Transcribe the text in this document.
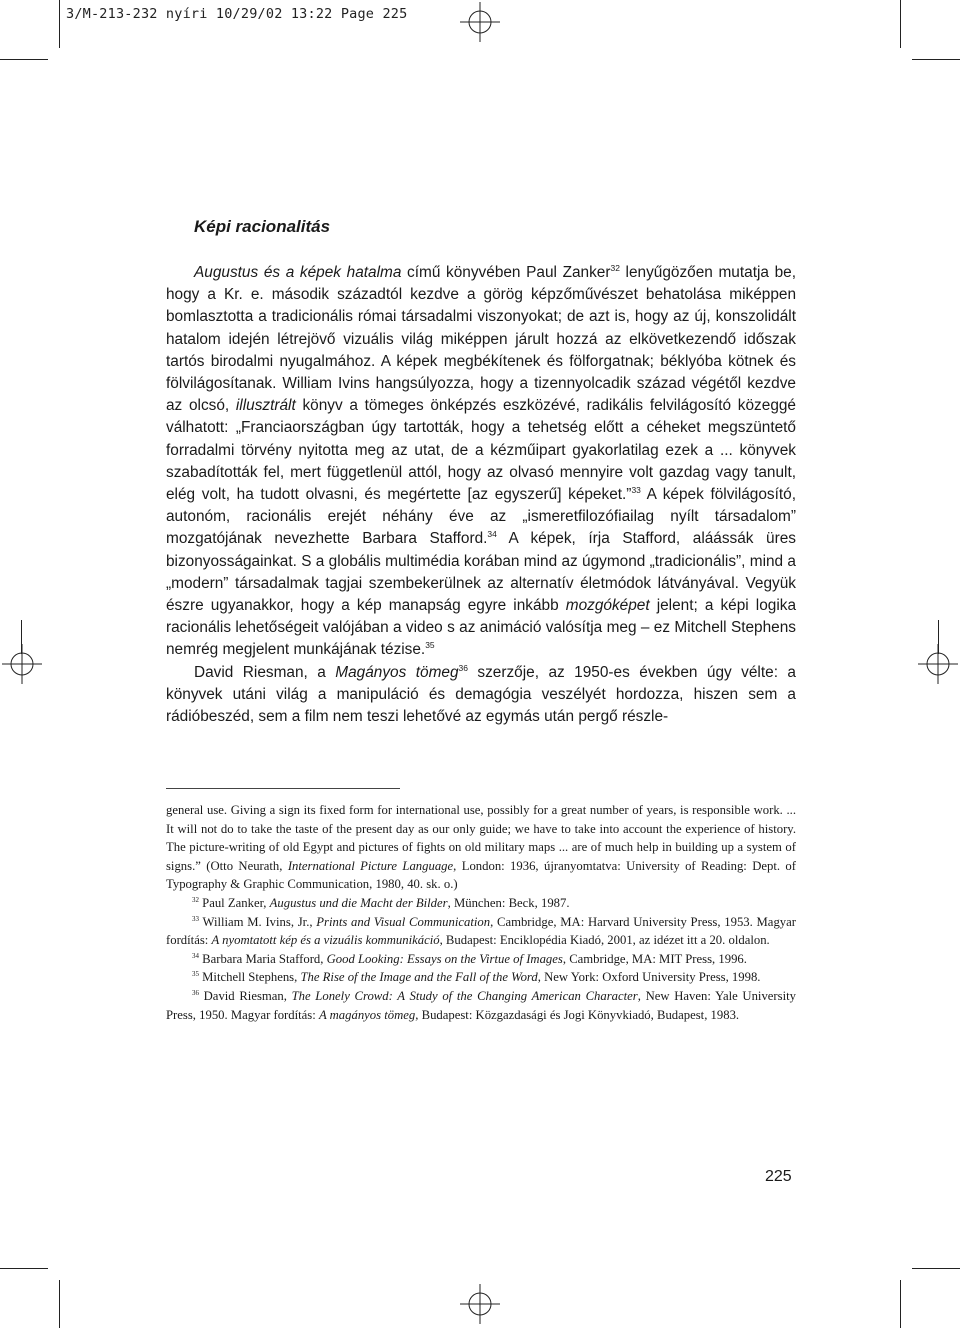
3/M-213-232 nyíri 10/29/02 13:22 Page 225
Képi racionalitás

Augustus és a képek hatalma című könyvében Paul Zanker$^{32}$ lenyűgözően mutatja be, hogy a Kr. e. második századtól kezdve a görög képzőművészet behatolása miképpen bomlasztotta a tradicionális római társadalmi viszonyokat; de azt is, hogy az új, konszolidált hatalom idején létrejövő vizuális világ miképpen járult hozzá az elkövetkezendő időszak tartós birodalmi nyugalmához. A képek megbékítenek és fölforgatnak; béklyóba kötnek és fölvilágosítanak. William Ivins hangsúlyozza, hogy a tizennyolcadik század végétől kezdve az olcsó, illusztrált könyv a tömeges önképzés eszközévé, radikális felvilágosító közeggé válhatott: „Franciaországban úgy tartották, hogy a tehetség előtt a céheket megszüntető forradalmi törvény nyitotta meg az utat, de a kézműipart gyakorlatilag ezek a ... könyvek szabadították fel, mert függetlenül attól, hogy az olvasó mennyire volt gazdag vagy tanult, elég volt, ha tudott olvasni, és megértette [az egyszerű] képeket.”$^{33}$ A képek fölvilágosító, autonóm, racionális erejét néhány éve az „ismeretfilozófiailag nyílt társadalom” mozgatójának nevezhette Barbara Stafford.$^{34}$ A képek, írja Stafford, aláássák üres bizonyosságainkat. S a globális multimédia korában mind az úgymond „tradicionális”, mind a „modern” társadalmak tagjai szembekerülnek az alternatív életmódok látványával. Vegyük észre ugyanakkor, hogy a kép manapság egyre inkább mozgóképet jelent; a képi logika racionális lehetőségeit valójában a video s az animáció valósítja meg – ez Mitchell Stephens nemrég megjelent munkájának tézise.$^{35}$

David Riesman, a Magányos tömeg$^{36}$ szerzője, az 1950-es években úgy vélte: a könyvek utáni világ a manipuláció és demagógia veszélyét hordozza, hiszen sem a rádióbeszéd, sem a film nem teszi lehetővé az egymás után pergő részle-

general use. Giving a sign its fixed form for international use, possibly for a great number of years, is responsible work. ... It will not do to take the taste of the present day as our only guide; we have to take into account the experience of history. The picture-writing of old Egypt and pictures of fights on old military maps ... are of much help in building up a system of signs.” (Otto Neurath, International Picture Language, London: 1936, újranyomtatva: University of Reading: Dept. of Typography & Graphic Communication, 1980, 40. sk. o.)

$^{32}$ Paul Zanker, Augustus und die Macht der Bilder, München: Beck, 1987.

$^{33}$ William M. Ivins, Jr., Prints and Visual Communication, Cambridge, MA: Harvard University Press, 1953. Magyar fordítás: A nyomtatott kép és a vizuális kommunikáció, Budapest: Enciklopédia Kiadó, 2001, az idézet itt a 20. oldalon.

$^{34}$ Barbara Maria Stafford, Good Looking: Essays on the Virtue of Images, Cambridge, MA: MIT Press, 1996.

$^{35}$ Mitchell Stephens, The Rise of the Image and the Fall of the Word, New York: Oxford University Press, 1998.

$^{36}$ David Riesman, The Lonely Crowd: A Study of the Changing American Character, New Haven: Yale University Press, 1950. Magyar fordítás: A magányos tömeg, Budapest: Közgazdasági és Jogi Könyvkiadó, Budapest, 1983.

225
